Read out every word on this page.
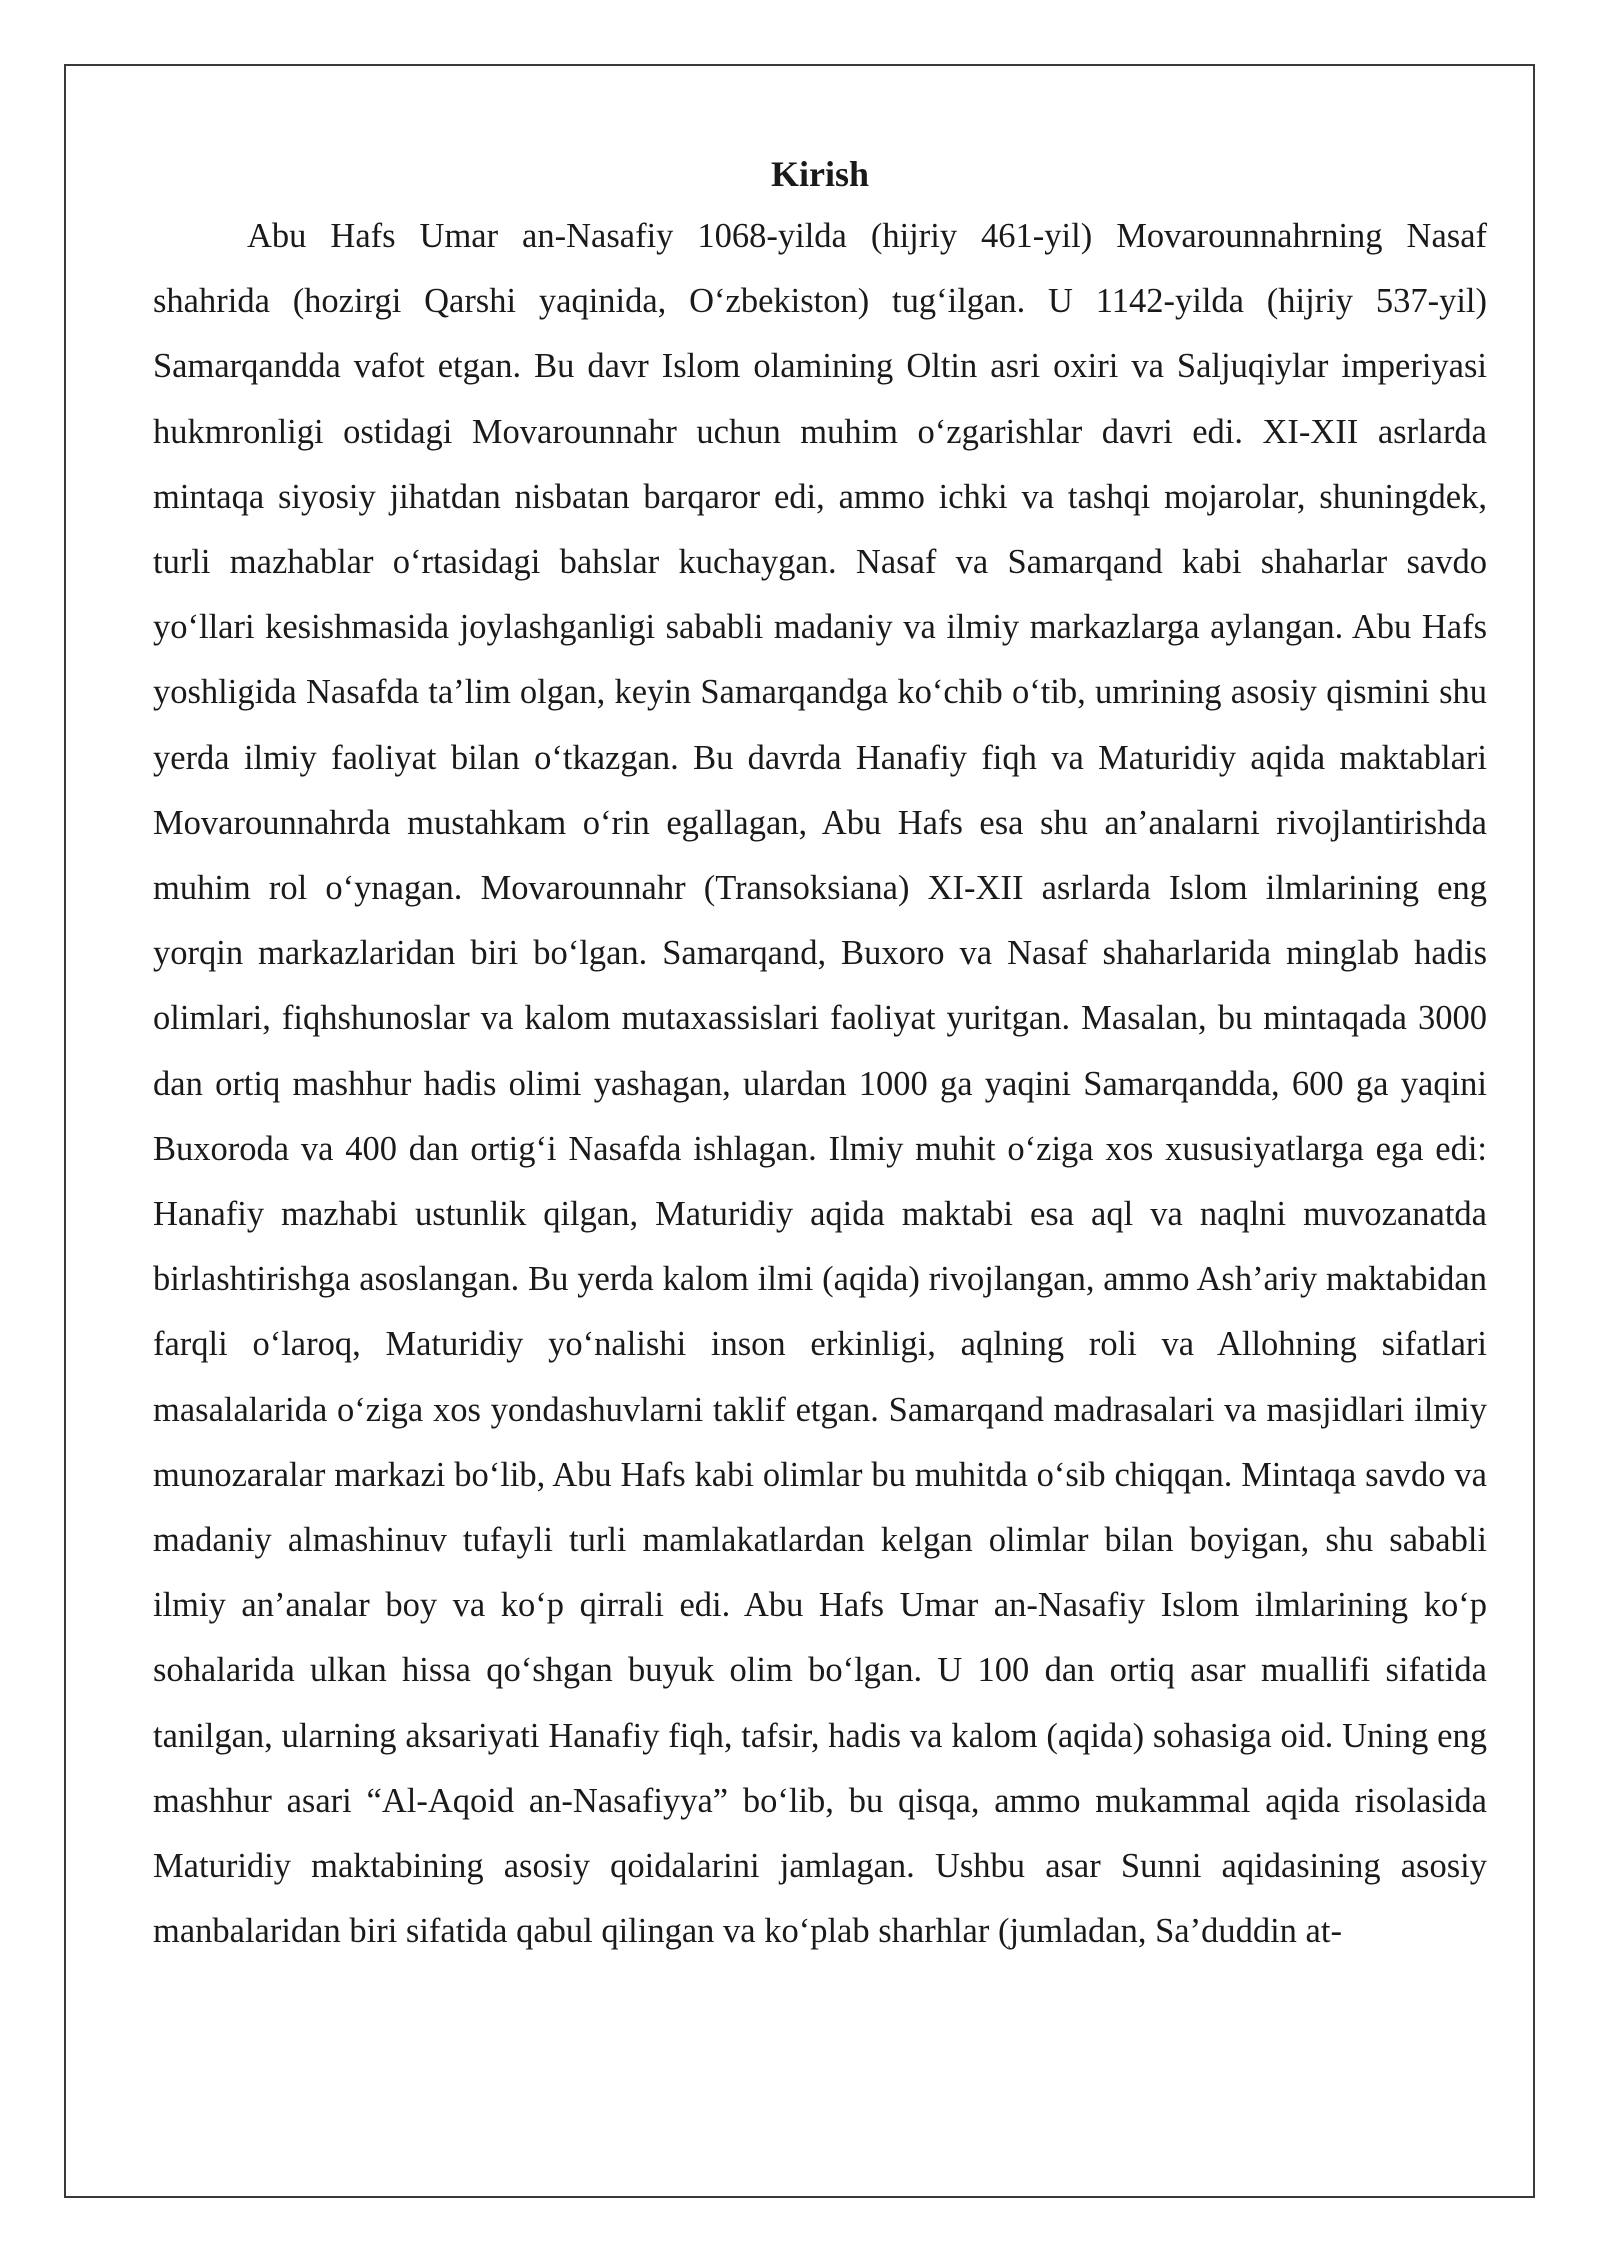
Kirish

Abu Hafs Umar an-Nasafiy 1068-yilda (hijriy 461-yil) Movarounnahrning Nasaf shahrida (hozirgi Qarshi yaqinida, O‘zbekiston) tug‘ilgan. U 1142-yilda (hijriy 537-yil) Samarqandda vafot etgan. Bu davr Islom olamining Oltin asri oxiri va Saljuqiylar imperiyasi hukmronligi ostidagi Movarounnahr uchun muhim o‘zgarishlar davri edi. XI-XII asrlarda mintaqa siyosiy jihatdan nisbatan barqaror edi, ammo ichki va tashqi mojarolar, shuningdek, turli mazhablar o‘rtasidagi bahslar kuchaygan. Nasaf va Samarqand kabi shaharlar savdo yo‘llari kesishmasida joylashganligi sababli madaniy va ilmiy markazlarga aylangan. Abu Hafs yoshligida Nasafda ta’lim olgan, keyin Samarqandga ko‘chib o‘tib, umrining asosiy qismini shu yerda ilmiy faoliyat bilan o‘tkazgan. Bu davrda Hanafiy fiqh va Maturidiy aqida maktablari Movarounnahrda mustahkam o‘rin egallagan, Abu Hafs esa shu an’analarni rivojlantirishda muhim rol o‘ynagan. Movarounnahr (Transoksiana) XI-XII asrlarda Islom ilmlarining eng yorqin markazlaridan biri bo‘lgan. Samarqand, Buxoro va Nasaf shaharlarida minglab hadis olimlari, fiqhshunoslar va kalom mutaxassislari faoliyat yuritgan. Masalan, bu mintaqada 3000 dan ortiq mashhur hadis olimi yashagan, ulardan 1000 ga yaqini Samarqandda, 600 ga yaqini Buxoroda va 400 dan ortig‘i Nasafda ishlagan. Ilmiy muhit o‘ziga xos xususiyatlarga ega edi: Hanafiy mazhabi ustunlik qilgan, Maturidiy aqida maktabi esa aql va naqlni muvozanatda birlashtirishga asoslangan. Bu yerda kalom ilmi (aqida) rivojlangan, ammo Ash’ariy maktabidan farqli o‘laroq, Maturidiy yo‘nalishi inson erkinligi, aqlning roli va Allohning sifatlari masalalarida o‘ziga xos yondashuvlarni taklif etgan. Samarqand madrasalari va masjidlari ilmiy munozaralar markazi bo‘lib, Abu Hafs kabi olimlar bu muhitda o‘sib chiqqan. Mintaqa savdo va madaniy almashinuv tufayli turli mamlakatlardan kelgan olimlar bilan boyigan, shu sababli ilmiy an’analar boy va ko‘p qirrali edi. Abu Hafs Umar an-Nasafiy Islom ilmlarining ko‘p sohalarida ulkan hissa qo‘shgan buyuk olim bo‘lgan. U 100 dan ortiq asar muallifi sifatida tanilgan, ularning aksariyati Hanafiy fiqh, tafsir, hadis va kalom (aqida) sohasiga oid. Uning eng mashhur asari “Al-Aqoid an-Nasafiyya” bo‘lib, bu qisqa, ammo mukammal aqida risolasida Maturidiy maktabining asosiy qoidalarini jamlagan. Ushbu asar Sunni aqidasining asosiy manbalaridan biri sifatida qabul qilingan va ko‘plab sharhlar (jumladan, Sa’duddin at-
